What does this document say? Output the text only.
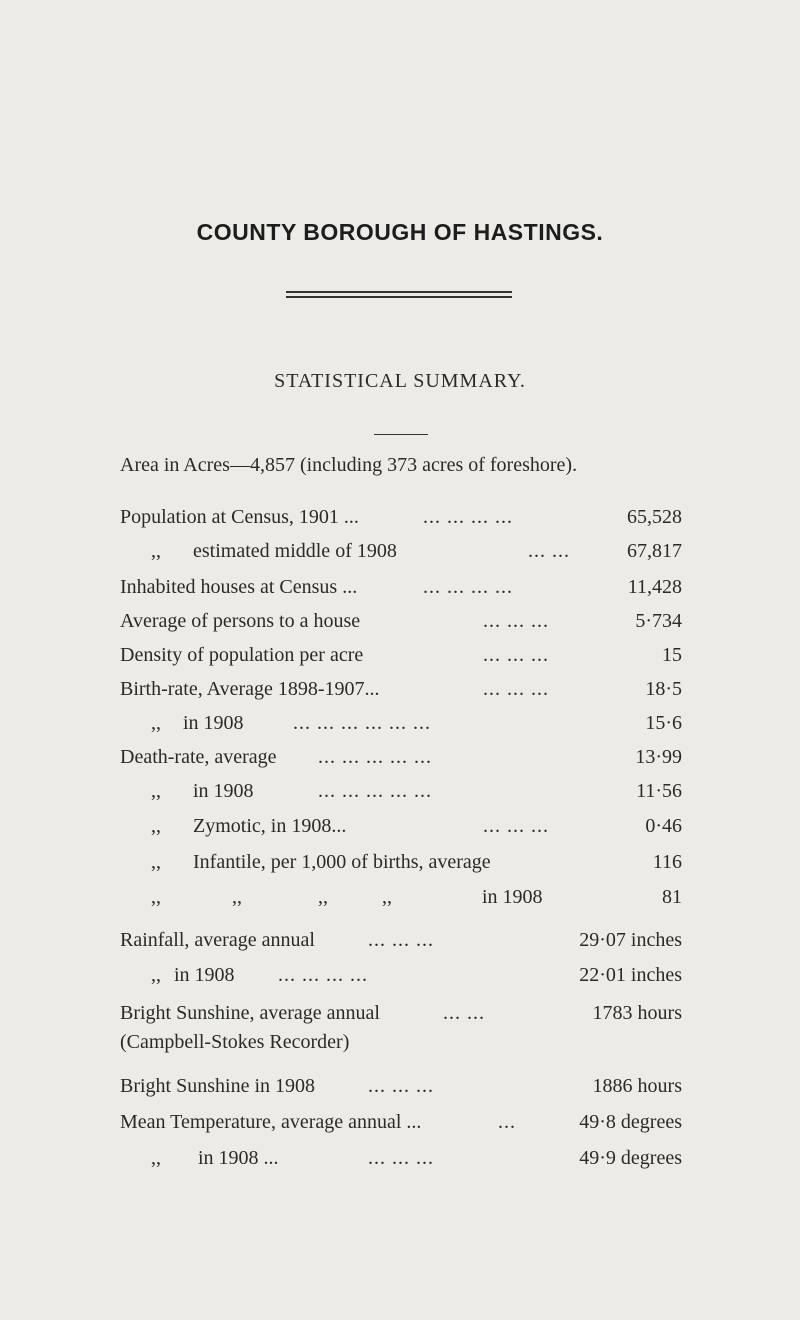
COUNTY BOROUGH OF HASTINGS.
STATISTICAL SUMMARY.
Area in Acres—4,857 (including 373 acres of foreshore).
Population at Census, 1901 ...	... ... ... ...	65,528
,, estimated middle of 1908	... ...	67,817
Inhabited houses at Census ...	... ... ... ...	11,428
Average of persons to a house	... ... ...	5·734
Density of population per acre	... ... ...	15
Birth-rate, Average 1898-1907...	... ... ...	18·5
,, in 1908 ... ... ... ... ... ...	15·6
Death-rate, average ... ... ... ... ...	13·99
,, in 1908	... ... ... ... ...	11·56
,, Zymotic, in 1908...	... ... ...	0·46
,, Infantile, per 1,000 of births, average	116
,,	,,	,,	,,	in 1908	81
Rainfall, average annual	... ... ...	29·07 inches
,, in 1908 ... ... ... ...	22·01 inches
Bright Sunshine, average annual	... ...	1783 hours
(Campbell-Stokes Recorder)
Bright Sunshine in 1908	... ... ...	1886 hours
Mean Temperature, average annual ...	...	49·8 degrees
,, in 1908 ...	... ... ...	49·9 degrees
